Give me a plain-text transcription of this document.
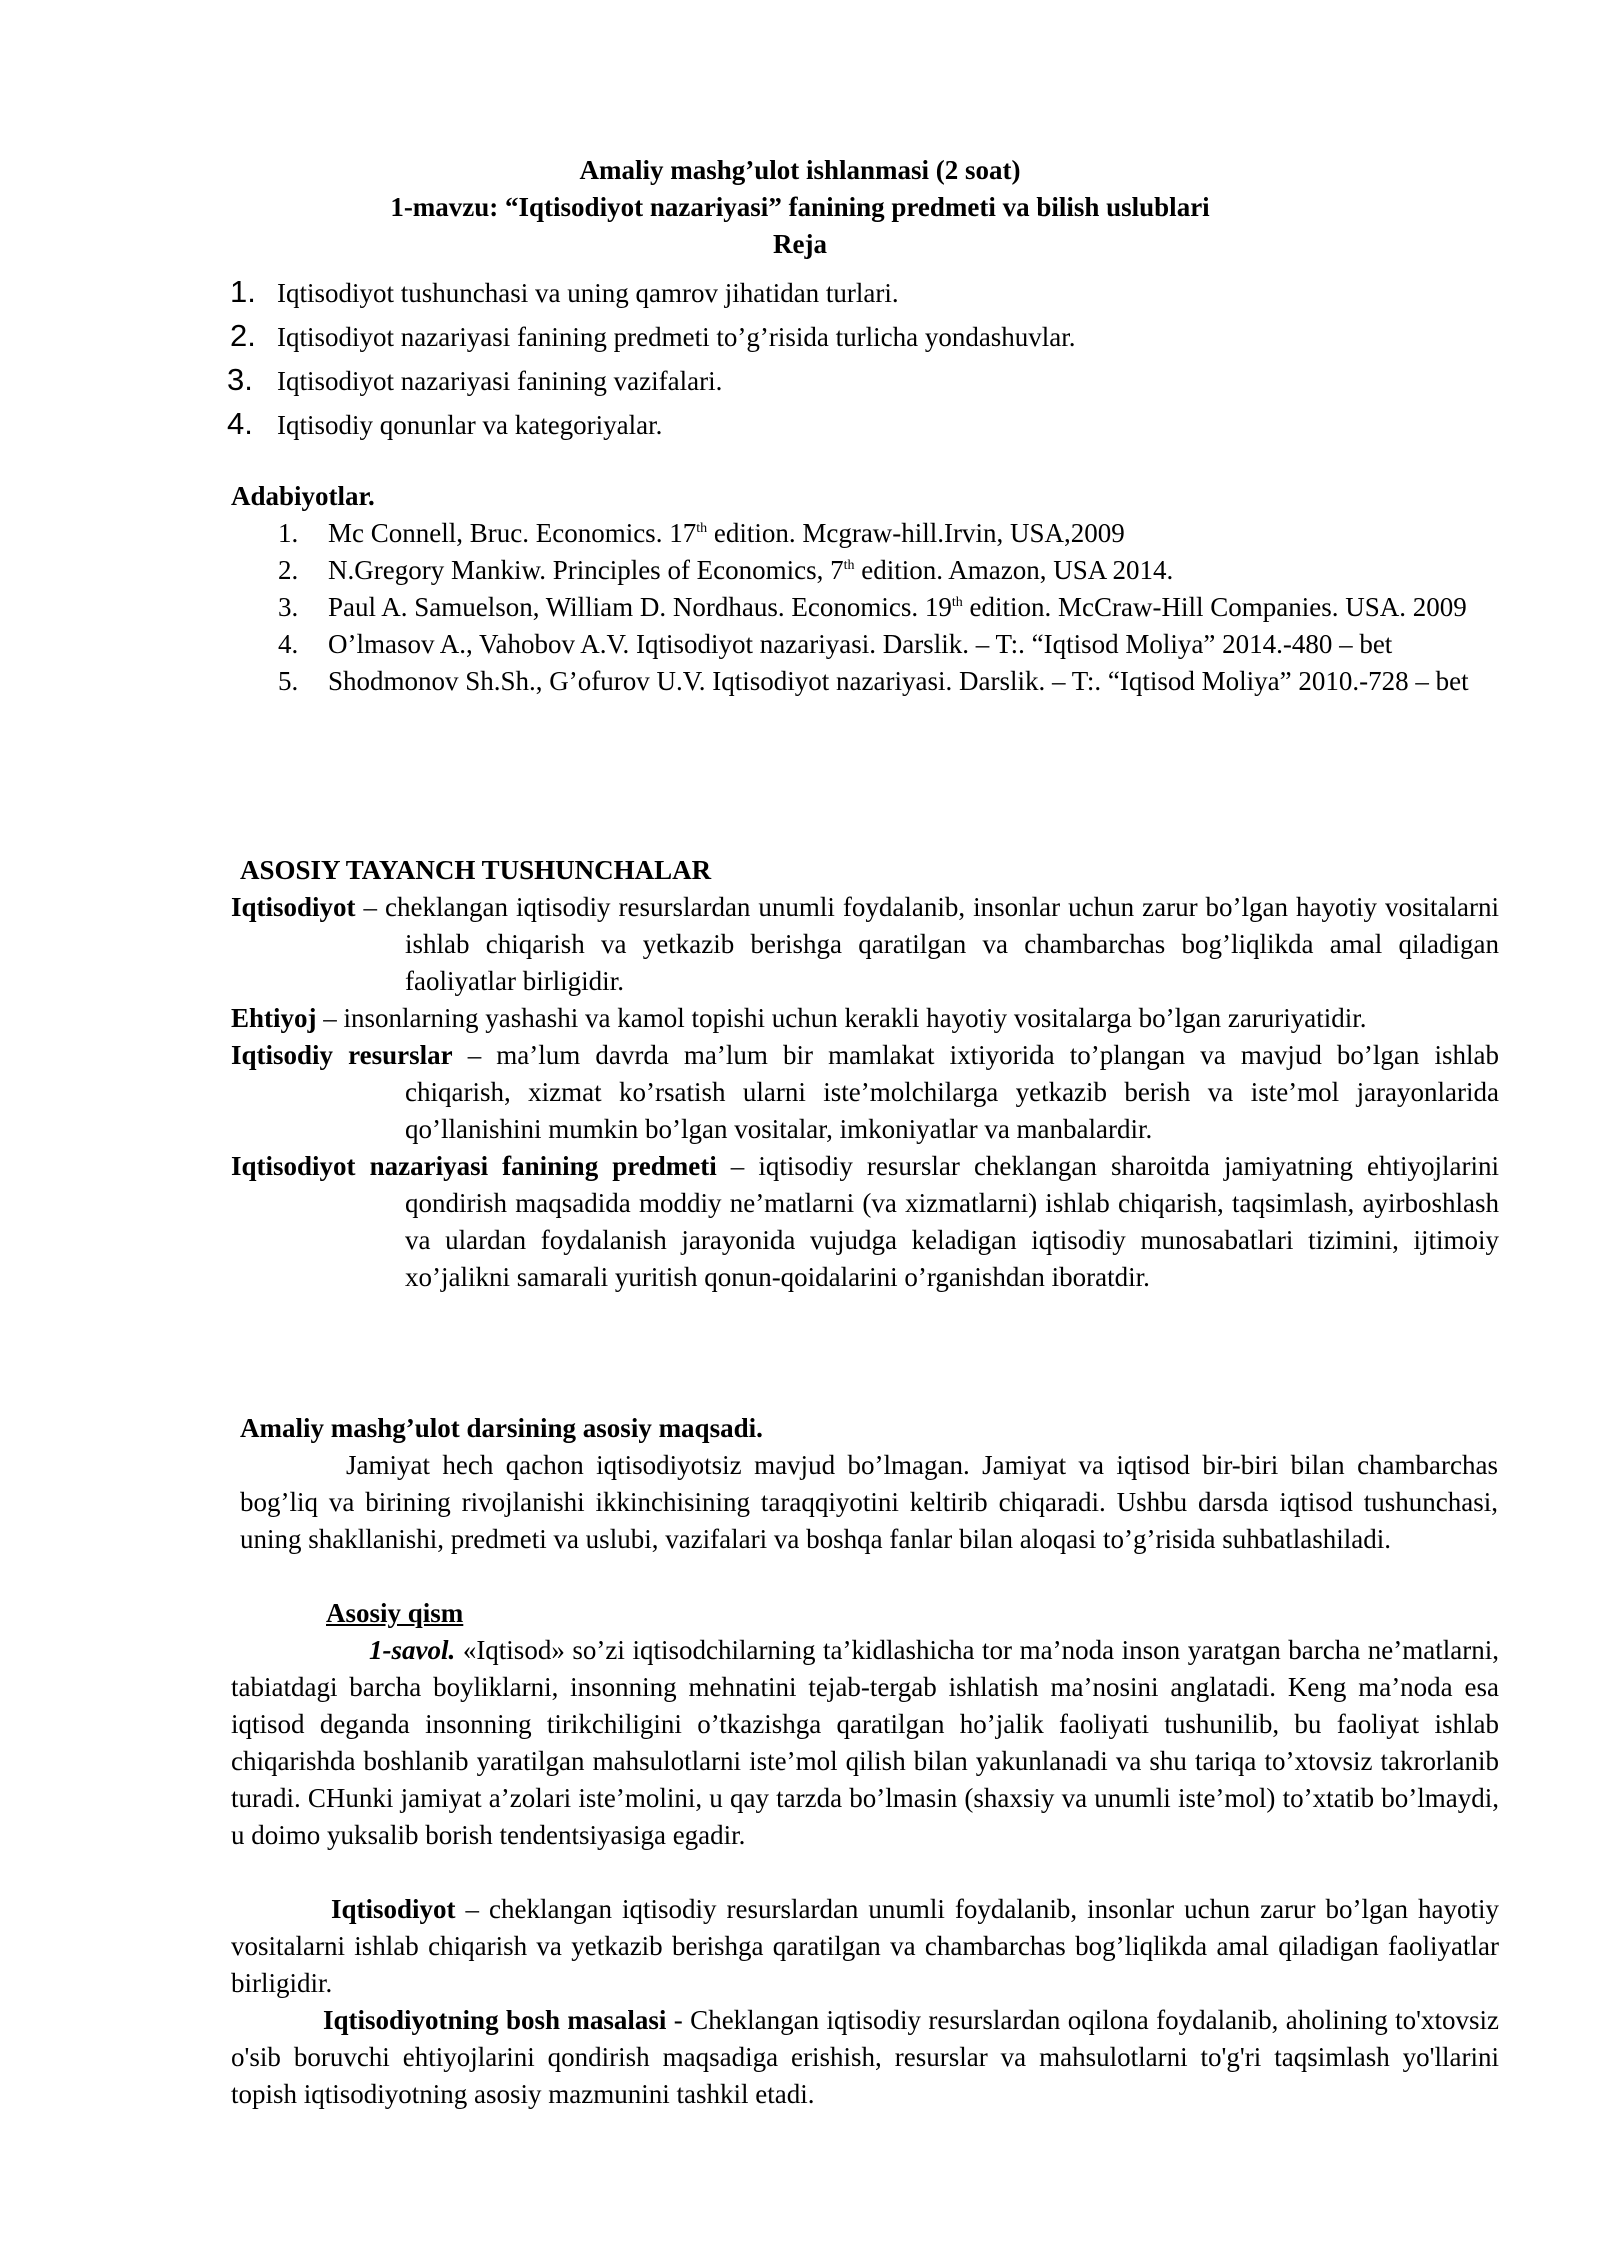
Amaliy mashg’ulot ishlanmasi (2 soat)
1-mavzu: “Iqtisodiyot nazariyasi” fanining predmeti va bilish uslublari
Reja
1. Iqtisodiyot tushunchasi va uning qamrov jihatidan turlari.
2. Iqtisodiyot nazariyasi fanining predmeti to’g’risida turlicha yondashuvlar.
3. Iqtisodiyot nazariyasi fanining vazifalari.
4. Iqtisodiy qonunlar va kategoriyalar.
Adabiyotlar.
1.	Mc Connell, Bruc. Economics. 17th edition. Mcgraw-hill.Irvin, USA,2009
2.	N.Gregory Mankiw. Principles of Economics, 7th edition. Amazon, USA 2014.
3.	Paul A. Samuelson, William D. Nordhaus. Economics. 19th edition. McCraw-Hill Companies. USA. 2009
4.	O’lmasov A., Vahobov A.V. Iqtisodiyot nazariyasi. Darslik. – T:. “Iqtisod Moliya” 2014.-480 – bet
5.	Shodmonov Sh.Sh., G’ofurov U.V. Iqtisodiyot nazariyasi. Darslik. – T:. “Iqtisod Moliya” 2010.-728 – bet
ASOSIY TAYANCH TUSHUNCHALAR
Iqtisodiyot – cheklangan iqtisodiy resurslardan unumli foydalanib, insonlar uchun zarur bo’lgan hayotiy vositalarni ishlab chiqarish va yetkazib berishga qaratilgan va chambarchas bog’liqlikda amal qiladigan faoliyatlar birligidir.
Ehtiyoj – insonlarning yashashi va kamol topishi uchun kerakli hayotiy vositalarga bo’lgan zaruriyatidir.
Iqtisodiy resurslar – ma’lum davrda ma’lum bir mamlakat ixtiyorida to’plangan va mavjud bo’lgan ishlab chiqarish, xizmat ko’rsatish ularni iste’molchilarga yetkazib berish va iste’mol jarayonlarida qo’llanishini mumkin bo’lgan vositalar, imkoniyatlar va manbalardir.
Iqtisodiyot nazariyasi fanining predmeti – iqtisodiy resurslar cheklangan sharoitda jamiyatning ehtiyojlarini qondirish maqsadida moddiy ne’matlarni (va xizmatlarni) ishlab chiqarish, taqsimlash, ayirboshlash va ulardan foydalanish jarayonida vujudga keladigan iqtisodiy munosabatlari tizimini, ijtimoiy xo’jalikni samarali yuritish qonun-qoidalarini o’rganishdan iboratdir.
Amaliy mashg’ulot darsining asosiy maqsadi.
Jamiyat hech qachon iqtisodiyotsiz mavjud bo’lmagan. Jamiyat va iqtisod bir-biri bilan chambarchas bog’liq va birining rivojlanishi ikkinchisining taraqqiyotini keltirib chiqaradi. Ushbu darsda iqtisod tushunchasi, uning shakllanishi, predmeti va uslubi, vazifalari va boshqa fanlar bilan aloqasi to’g’risida suhbatlashiladi.
Asosiy qism
1-savol. «Iqtisod» so’zi iqtisodchilarning ta’kidlashicha tor ma’noda inson yaratgan barcha ne’matlarni, tabiatdagi barcha boyliklarni, insonning mehnatini tejab-tergab ishlatish ma’nosini anglatadi. Keng ma’noda esa iqtisod deganda insonning tirikchiligini o’tkazishga qaratilgan ho’jalik faoliyati tushunilib, bu faoliyat ishlab chiqarishda boshlanib yaratilgan mahsulotlarni iste’mol qilish bilan yakunlanadi va shu tariqa to’xtovsiz takrorlanib turadi. CHunki jamiyat a’zolari iste’molini, u qay tarzda bo’lmasin (shaxsiy va unumli iste’mol) to’xtatib bo’lmaydi, u doimo yuksalib borish tendentsiyasiga egadir.
Iqtisodiyot – cheklangan iqtisodiy resurslardan unumli foydalanib, insonlar uchun zarur bo’lgan hayotiy vositalarni ishlab chiqarish va yetkazib berishga qaratilgan va chambarchas bog’liqlikda amal qiladigan faoliyatlar birligidir.
Iqtisodiyotning bosh masalasi - Cheklangan iqtisodiy resurslardan oqilona foydalanib, aholining to'xtovsiz o'sib boruvchi ehtiyojlarini qondirish maqsadiga erishish, resurslar va mahsulotlarni to'g'ri taqsimlash yo'llarini topish iqtisodiyotning asosiy mazmunini tashkil etadi.
